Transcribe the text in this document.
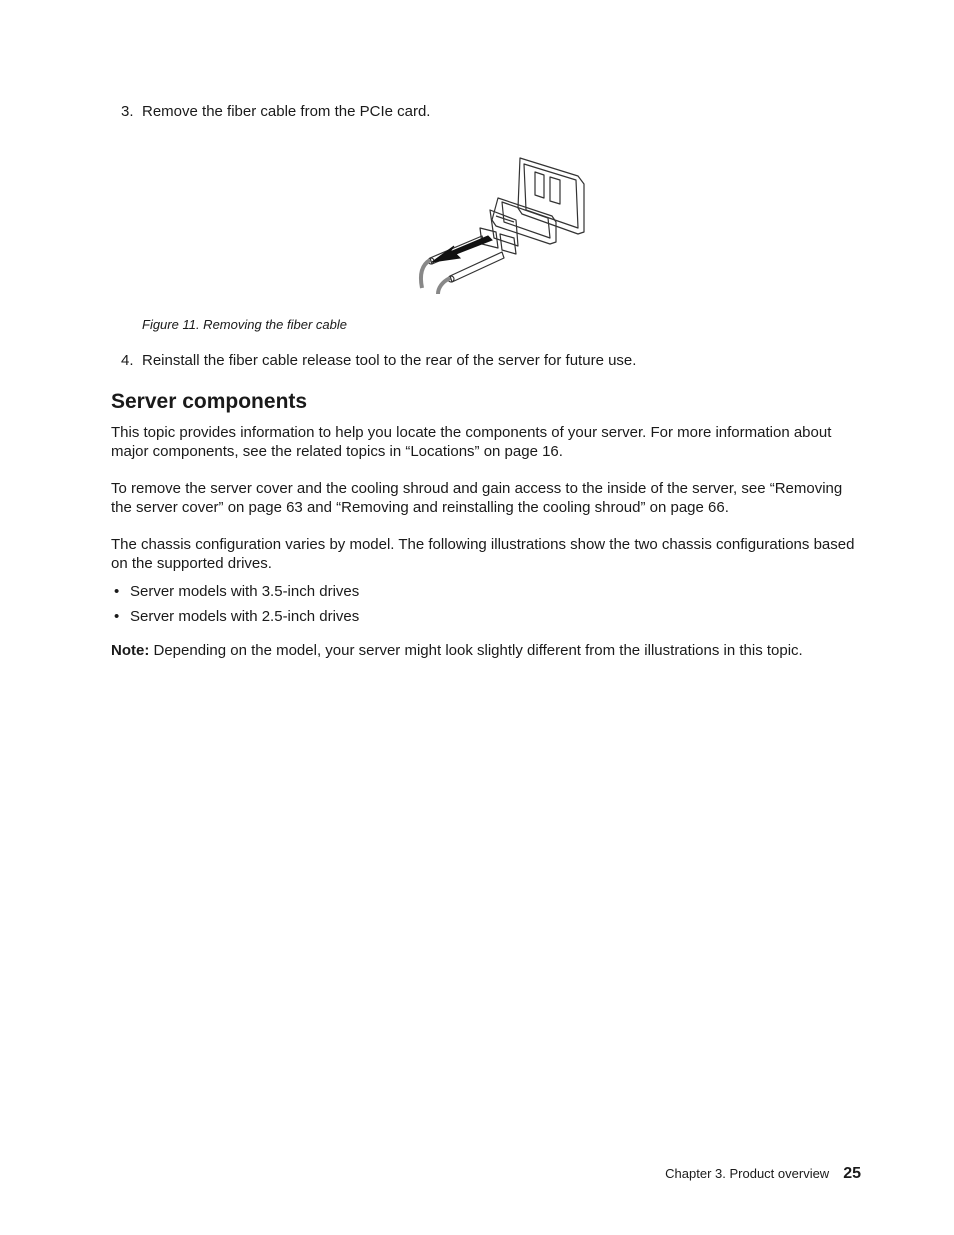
3. Remove the fiber cable from the PCIe card.
Figure 11. Removing the fiber cable
4. Reinstall the fiber cable release tool to the rear of the server for future use.
Server components

This topic provides information to help you locate the components of your server. For more information about major components, see the related topics in “Locations” on page 16.

To remove the server cover and the cooling shroud and gain access to the inside of the server, see “Removing the server cover” on page 63 and “Removing and reinstalling the cooling shroud” on page 66.

The chassis configuration varies by model. The following illustrations show the two chassis configurations based on the supported drives.

• Server models with 3.5-inch drives
• Server models with 2.5-inch drives
Note: Depending on the model, your server might look slightly different from the illustrations in this topic.
Chapter 3. Product overview 25
